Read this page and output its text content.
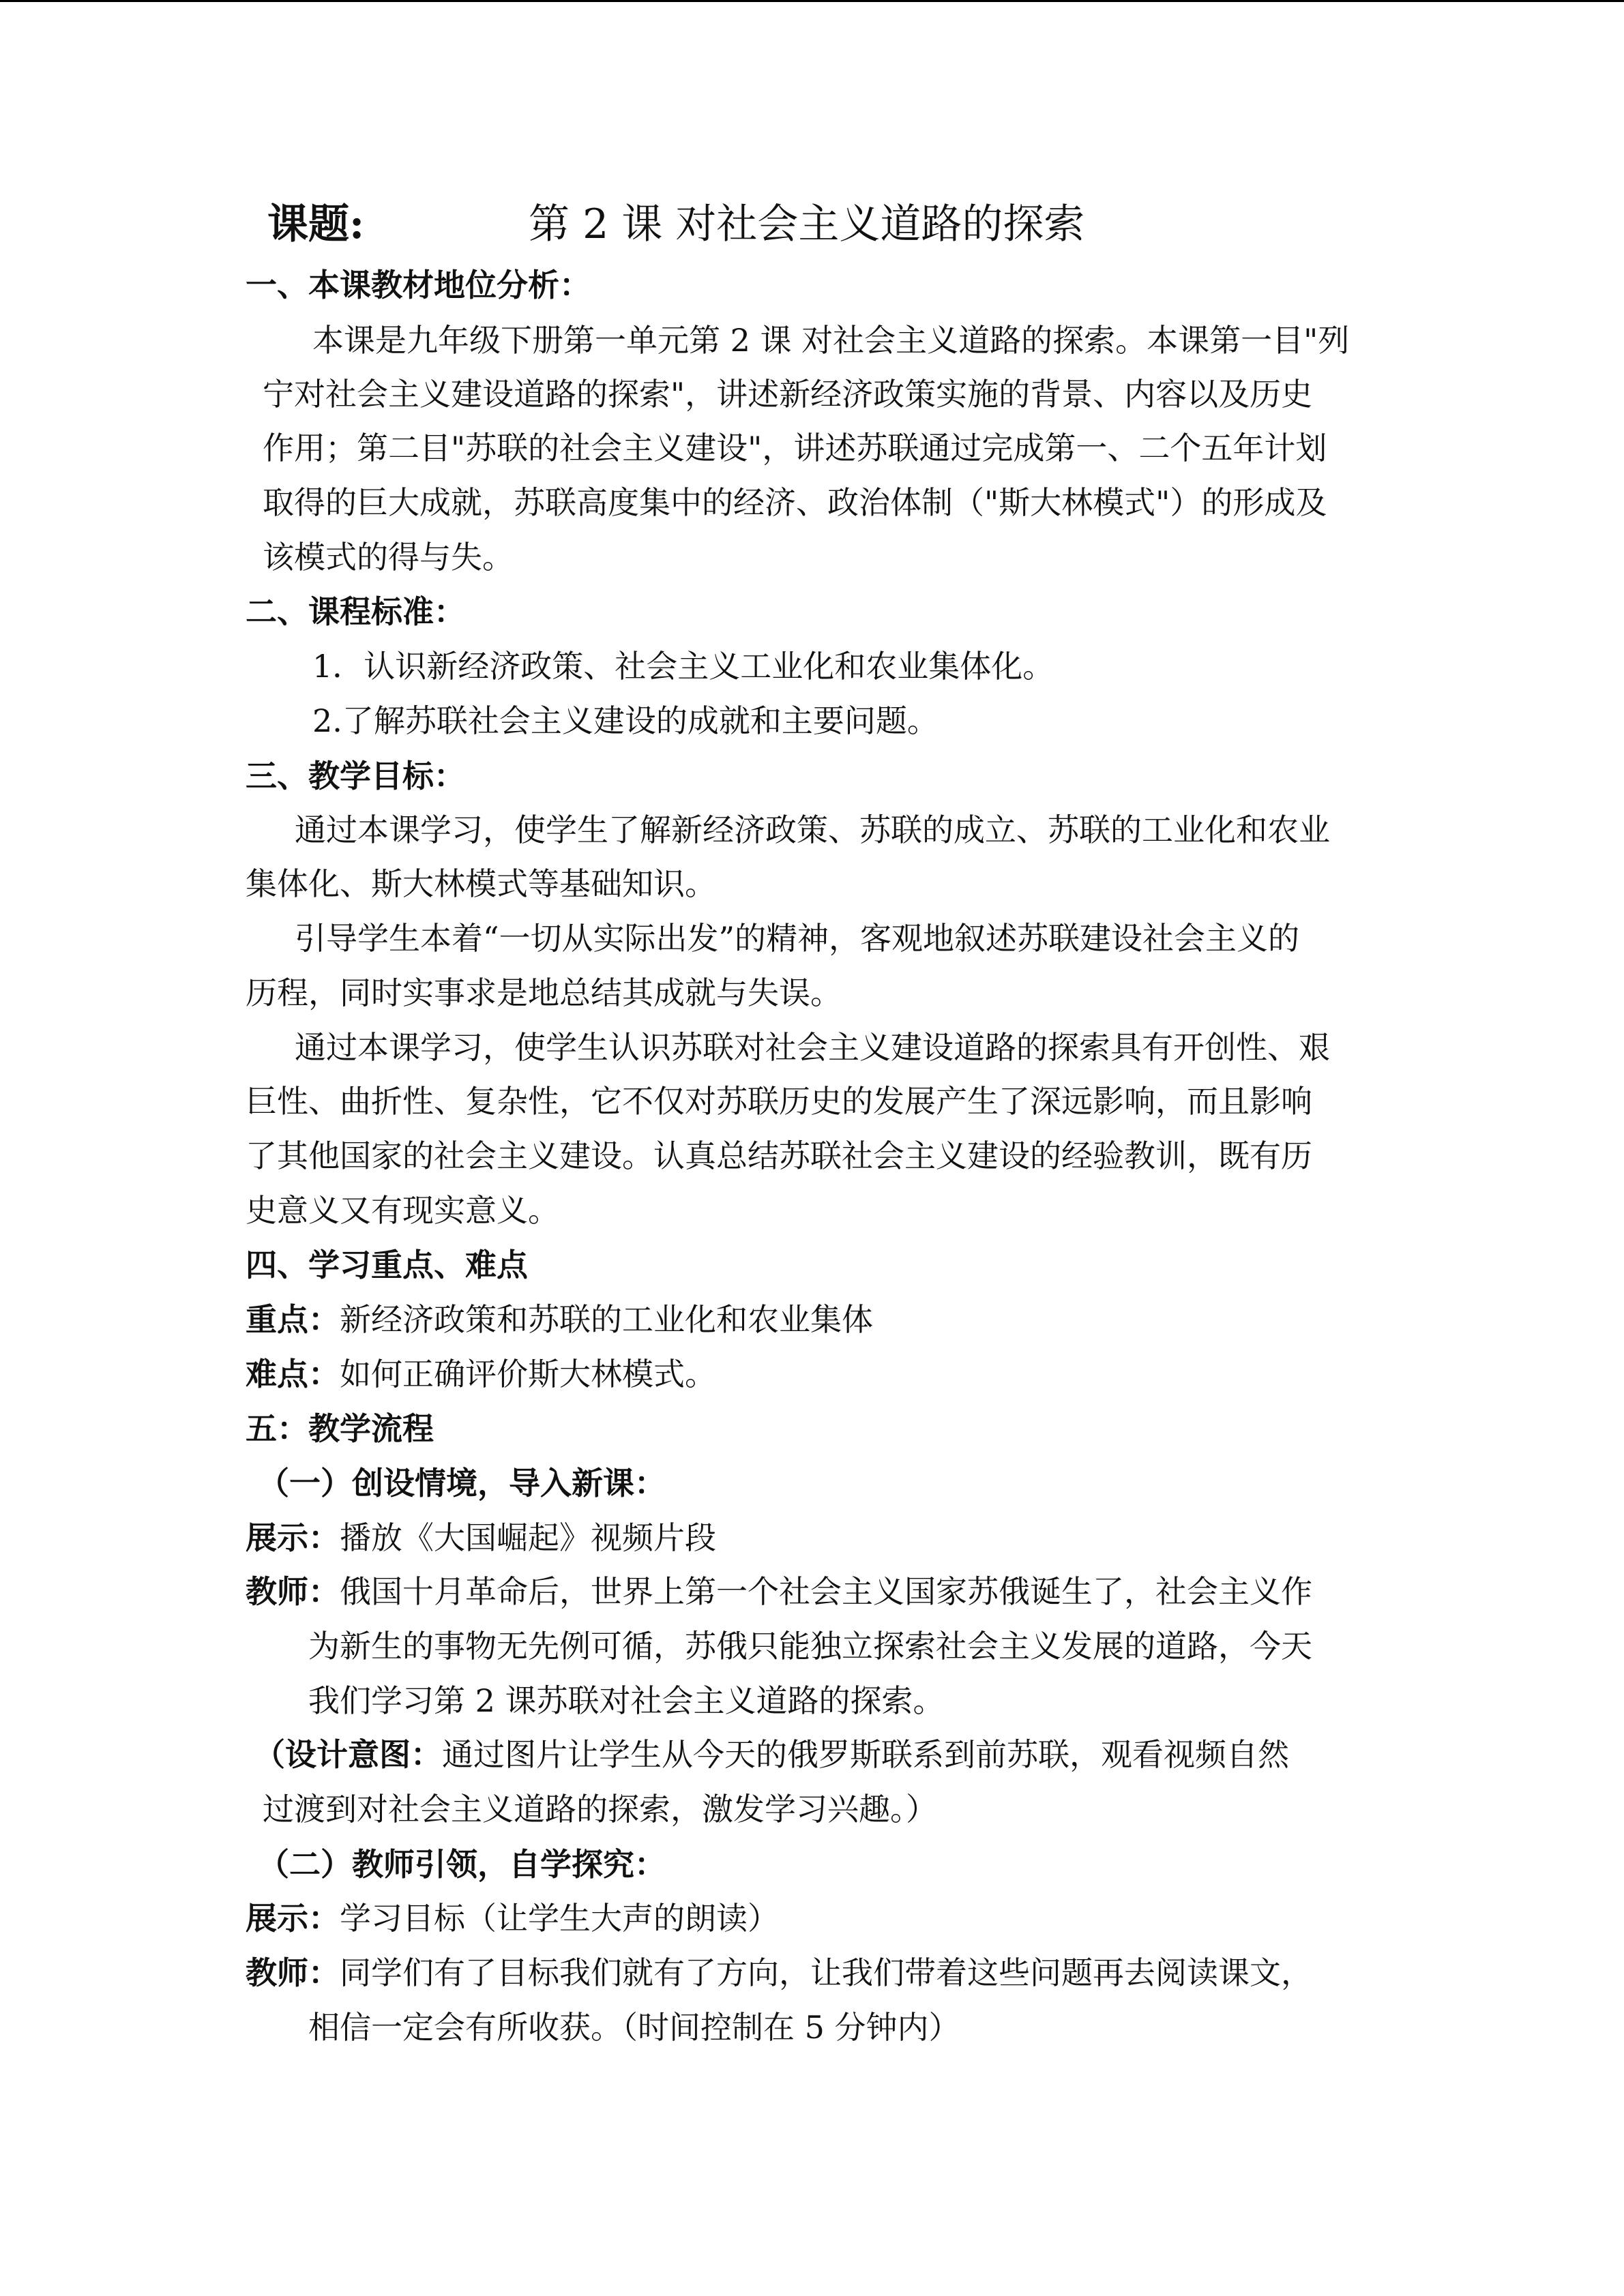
课题:	第 2 课 对社会主义道路的探索
一、本课教材地位分析：
本课是九年级下册第一单元第 2 课 对社会主义道路的探索。本课第一目"列
宁对社会主义建设道路的探索"，讲述新经济政策实施的背景、内容以及历史
作用；第二目"苏联的社会主义建设"，讲述苏联通过完成第一、二个五年计划
取得的巨大成就，苏联高度集中的经济、政治体制（"斯大林模式"）的形成及
该模式的得与失。
二、课程标准：
1．认识新经济政策、社会主义工业化和农业集体化。
2.了解苏联社会主义建设的成就和主要问题。
三、教学目标：
通过本课学习，使学生了解新经济政策、苏联的成立、苏联的工业化和农业
集体化、斯大林模式等基础知识。
引导学生本着“一切从实际出发”的精神，客观地叙述苏联建设社会主义的
历程，同时实事求是地总结其成就与失误。
通过本课学习，使学生认识苏联对社会主义建设道路的探索具有开创性、艰
巨性、曲折性、复杂性，它不仅对苏联历史的发展产生了深远影响，而且影响
了其他国家的社会主义建设。认真总结苏联社会主义建设的经验教训，既有历
史意义又有现实意义。
四、学习重点、难点
重点：新经济政策和苏联的工业化和农业集体
难点：如何正确评价斯大林模式。
五：教学流程
（一）创设情境，导入新课：
展示：播放《大国崛起》视频片段
教师：俄国十月革命后，世界上第一个社会主义国家苏俄诞生了，社会主义作
为新生的事物无先例可循，苏俄只能独立探索社会主义发展的道路，今天
我们学习第 2 课苏联对社会主义道路的探索。
（设计意图：通过图片让学生从今天的俄罗斯联系到前苏联，观看视频自然
过渡到对社会主义道路的探索，激发学习兴趣。）
（二）教师引领，自学探究：
展示：学习目标（让学生大声的朗读）
教师：同学们有了目标我们就有了方向，让我们带着这些问题再去阅读课文，
相信一定会有所收获。（时间控制在 5 分钟内）
